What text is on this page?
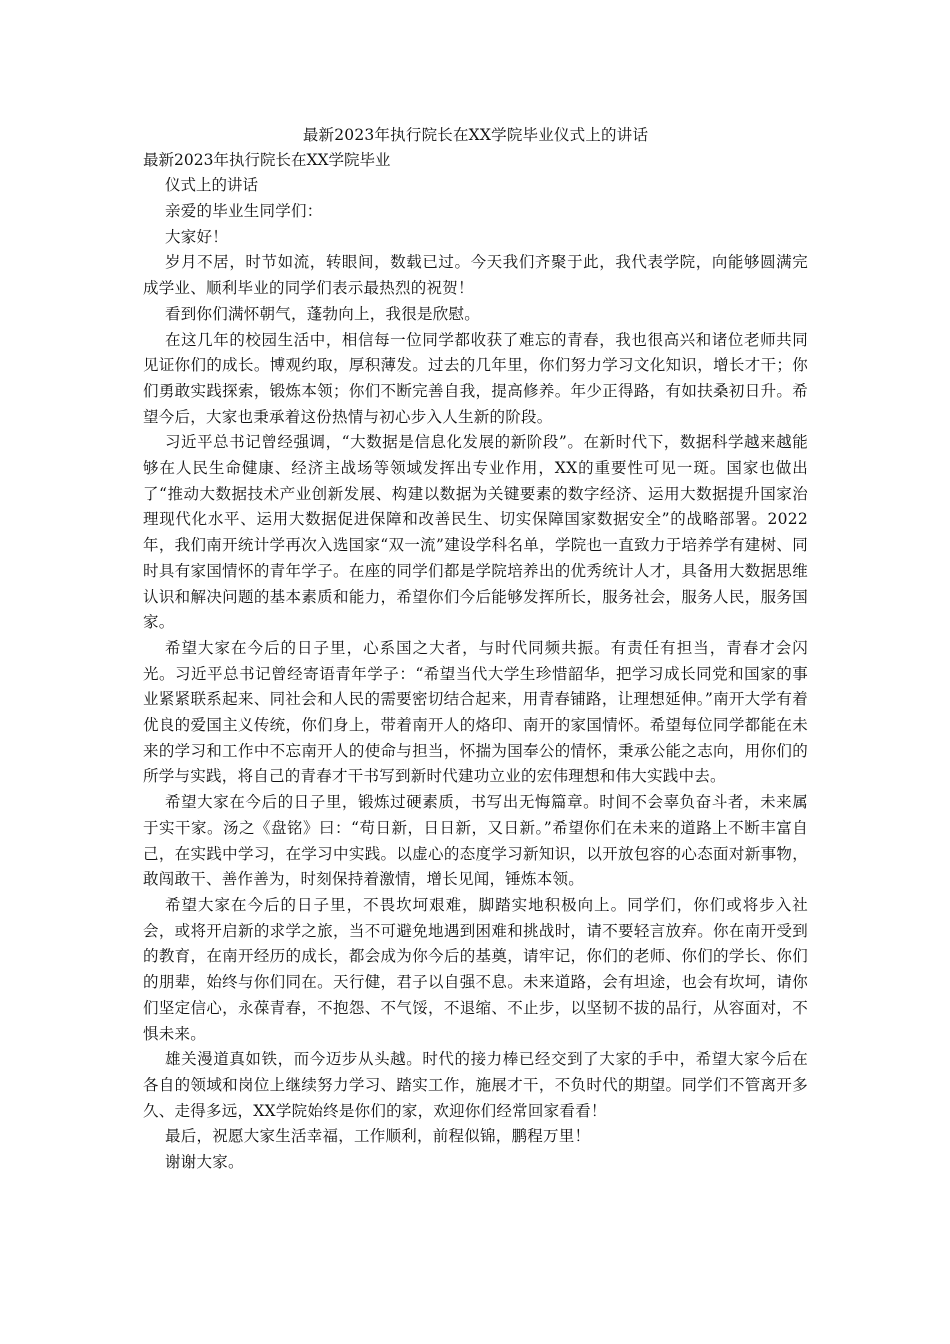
最新2023年执行院长在XX学院毕业仪式上的讲话
最新2023年执行院长在XX学院毕业
仪式上的讲话

亲爱的毕业生同学们：

大家好！

岁月不居，时节如流，转眼间，数载已过。今天我们齐聚于此，我代表学院，向能够圆满完成学业、顺利毕业的同学们表示最热烈的祝贺！

看到你们满怀朝气，蓬勃向上，我很是欣慰。

在这几年的校园生活中，相信每一位同学都收获了难忘的青春，我也很高兴和诸位老师共同见证你们的成长。博观约取，厚积薄发。过去的几年里，你们努力学习文化知识，增长才干；你们勇敢实践探索，锻炼本领；你们不断完善自我，提高修养。年少正得路，有如扶桑初日升。希望今后，大家也秉承着这份热情与初心步入人生新的阶段。

习近平总书记曾经强调，“大数据是信息化发展的新阶段”。在新时代下，数据科学越来越能够在人民生命健康、经济主战场等领域发挥出专业作用，XX的重要性可见一斑。国家也做出了“推动大数据技术产业创新发展、构建以数据为关键要素的数字经济、运用大数据提升国家治理现代化水平、运用大数据促进保障和改善民生、切实保障国家数据安全”的战略部署。2022年，我们南开统计学再次入选国家“双一流”建设学科名单，学院也一直致力于培养学有建树、同时具有家国情怀的青年学子。在座的同学们都是学院培养出的优秀统计人才，具备用大数据思维认识和解决问题的基本素质和能力，希望你们今后能够发挥所长，服务社会，服务人民，服务国家。

希望大家在今后的日子里，心系国之大者，与时代同频共振。有责任有担当，青春才会闪光。习近平总书记曾经寄语青年学子：“希望当代大学生珍惜韶华，把学习成长同党和国家的事业紧紧联系起来、同社会和人民的需要密切结合起来，用青春铺路，让理想延伸。”南开大学有着优良的爱国主义传统，你们身上，带着南开人的烙印、南开的家国情怀。希望每位同学都能在未来的学习和工作中不忘南开人的使命与担当，怀揣为国奉公的情怀，秉承公能之志向，用你们的所学与实践，将自己的青春才干书写到新时代建功立业的宏伟理想和伟大实践中去。

希望大家在今后的日子里，锻炼过硬素质，书写出无悔篇章。时间不会辜负奋斗者，未来属于实干家。汤之《盘铭》曰：“苟日新，日日新，又日新。”希望你们在未来的道路上不断丰富自己，在实践中学习，在学习中实践。以虚心的态度学习新知识，以开放包容的心态面对新事物，敢闯敢干、善作善为，时刻保持着激情，增长见闻，锤炼本领。

希望大家在今后的日子里，不畏坎坷艰难，脚踏实地积极向上。同学们，你们或将步入社会，或将开启新的求学之旅，当不可避免地遇到困难和挑战时，请不要轻言放弃。你在南开受到的教育，在南开经历的成长，都会成为你今后的基奠，请牢记，你们的老师、你们的学长、你们的朋辈，始终与你们同在。天行健，君子以自强不息。未来道路，会有坦途，也会有坎坷，请你们坚定信心，永葆青春，不抱怨、不气馁，不退缩、不止步，以坚韧不拔的品行，从容面对，不惧未来。

雄关漫道真如铁，而今迈步从头越。时代的接力棒已经交到了大家的手中，希望大家今后在各自的领域和岗位上继续努力学习、踏实工作，施展才干，不负时代的期望。同学们不管离开多久、走得多远，XX学院始终是你们的家，欢迎你们经常回家看看！

最后，祝愿大家生活幸福，工作顺利，前程似锦，鹏程万里！

谢谢大家。
